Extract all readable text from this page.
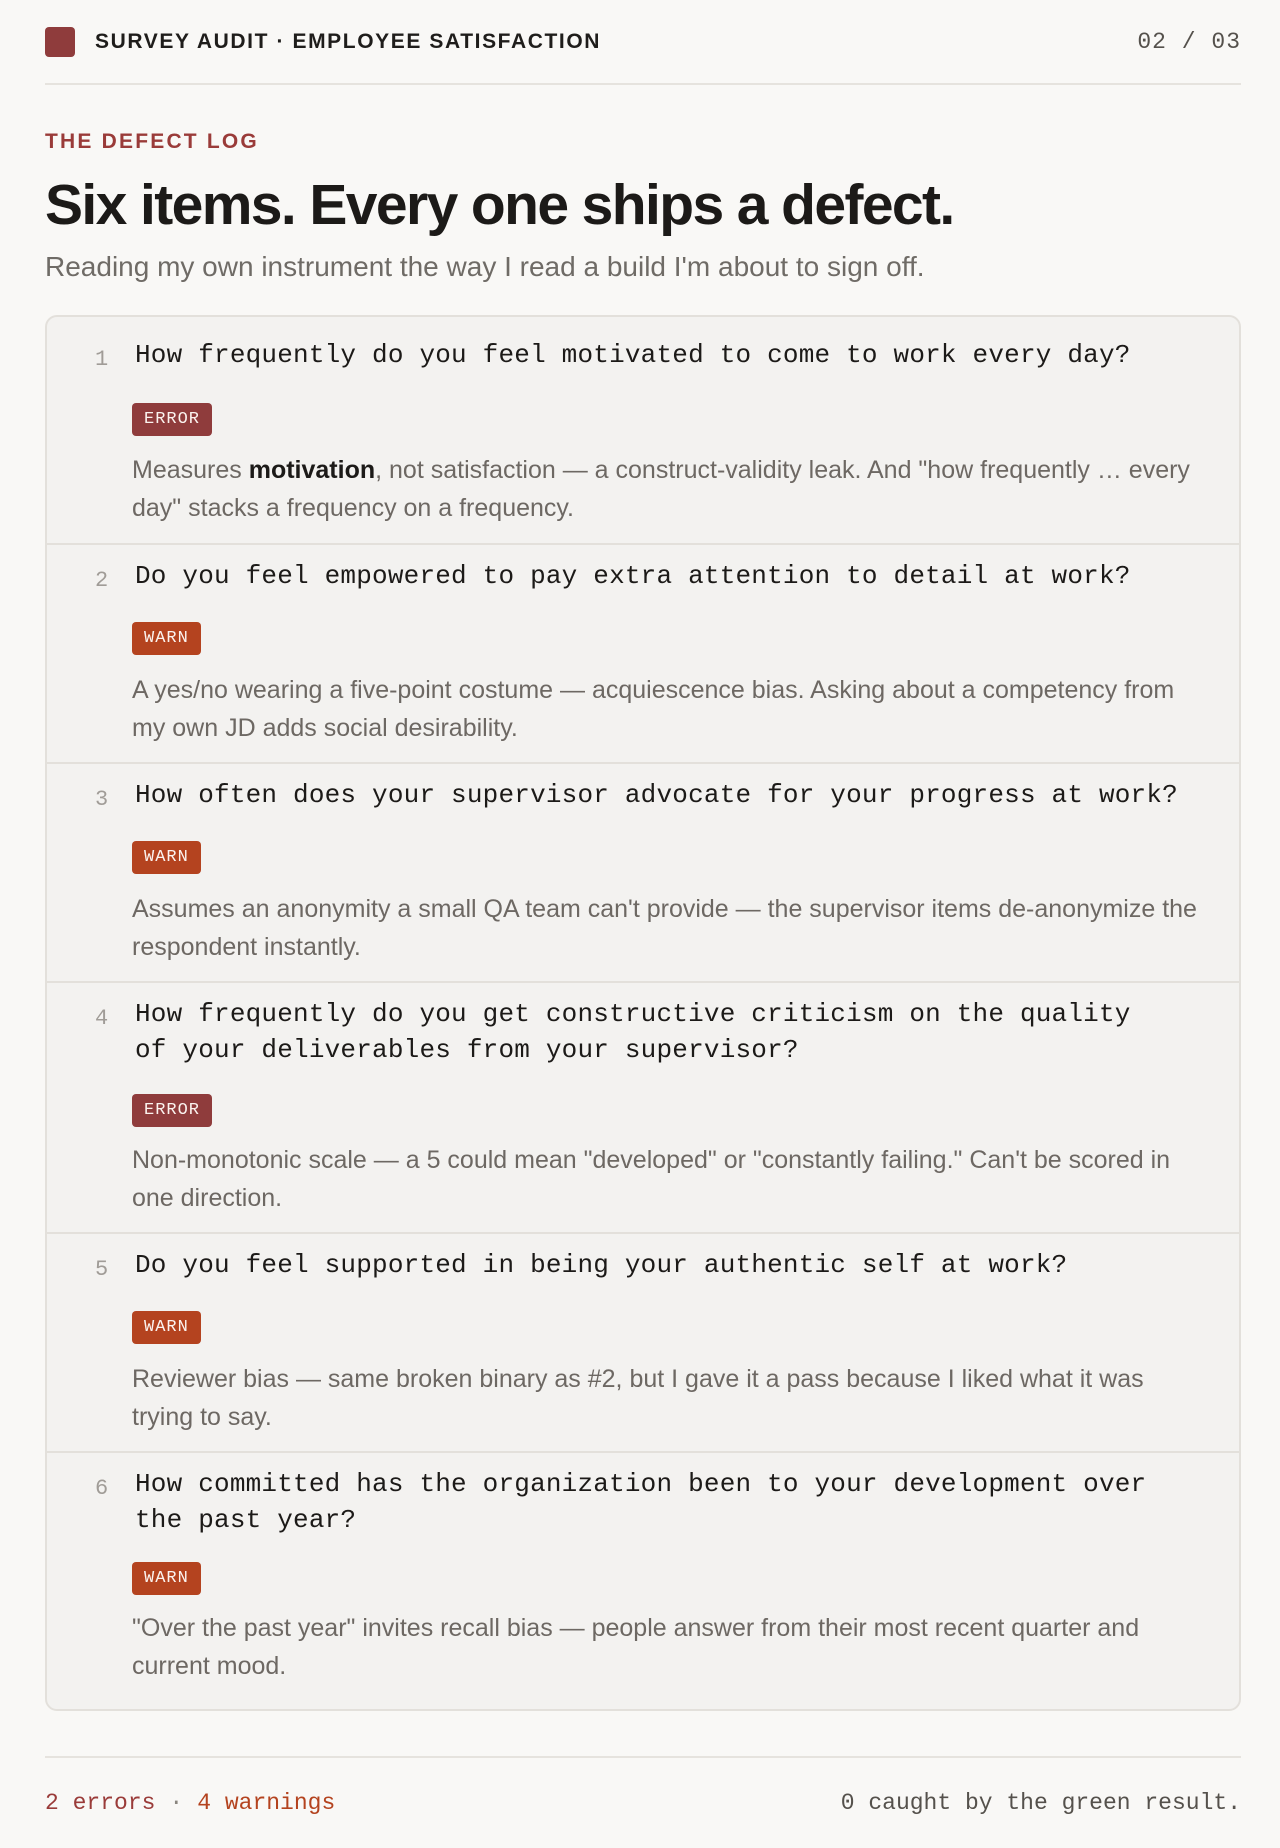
SURVEY AUDIT · EMPLOYEE SATISFACTION	02 / 03
THE DEFECT LOG
Six items. Every one ships a defect.

Reading my own instrument the way I read a build I'm about to sign off.

1	How frequently do you feel motivated to come to work every day?
ERROR
Measures motivation, not satisfaction — a construct-validity leak. And "how frequently … every day" stacks a frequency on a frequency.
2	Do you feel empowered to pay extra attention to detail at work?
WARN
A yes/no wearing a five-point costume — acquiescence bias. Asking about a competency from my own JD adds social desirability.
3	How often does your supervisor advocate for your progress at work?
WARN
Assumes an anonymity a small QA team can't provide — the supervisor items de-anonymize the respondent instantly.
4	How frequently do you get constructive criticism on the quality of your deliverables from your supervisor?
ERROR
Non-monotonic scale — a 5 could mean "developed" or "constantly failing." Can't be scored in one direction.
5	Do you feel supported in being your authentic self at work?
WARN
Reviewer bias — same broken binary as #2, but I gave it a pass because I liked what it was trying to say.
6	How committed has the organization been to your development over the past year?
WARN
"Over the past year" invites recall bias — people answer from their most recent quarter and current mood.
2 errors · 4 warnings	0 caught by the green result.
